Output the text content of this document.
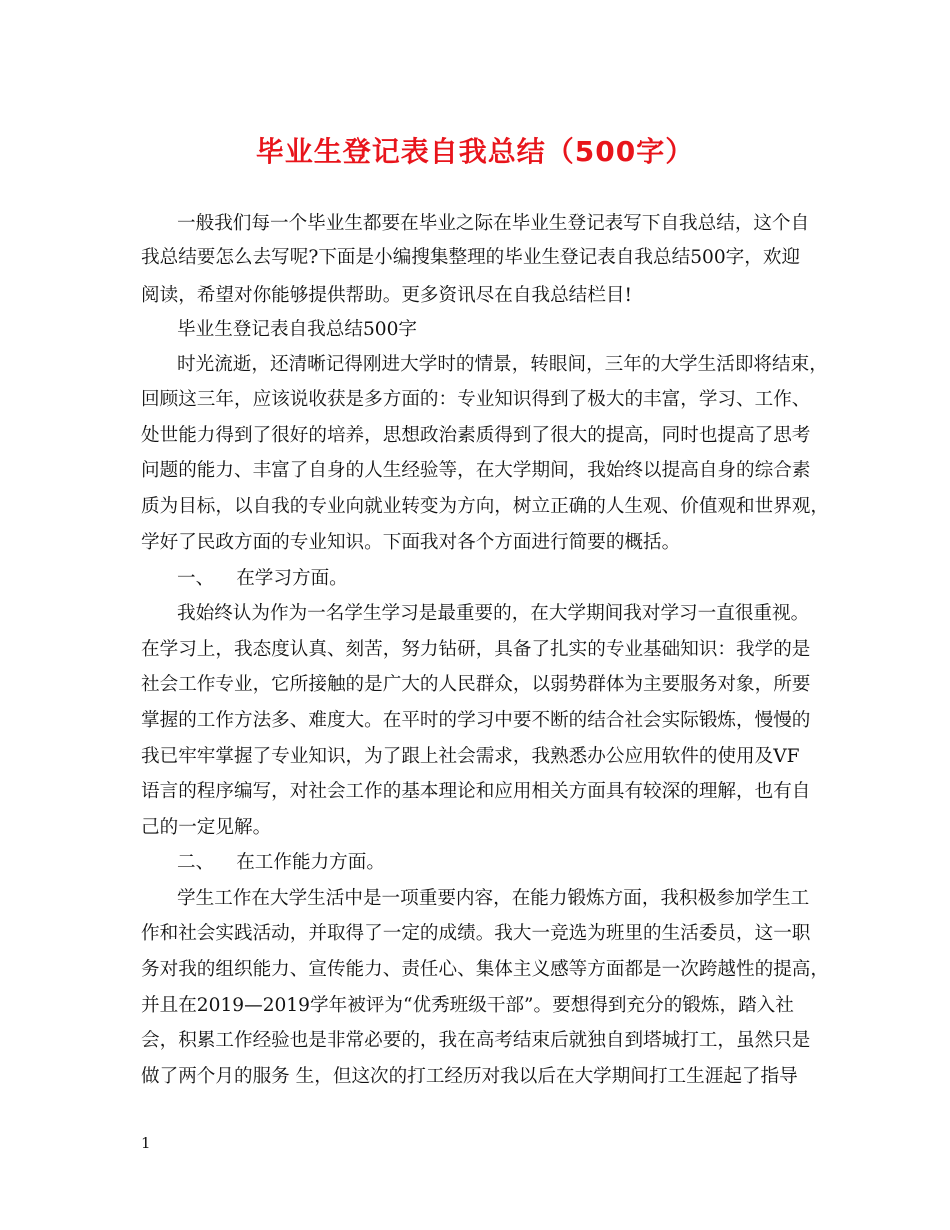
毕业生登记表自我总结（500字）
一般我们每一个毕业生都要在毕业之际在毕业生登记表写下自我总结，这个自
我总结要怎么去写呢?下面是小编搜集整理的毕业生登记表自我总结500字，欢迎
阅读，希望对你能够提供帮助。更多资讯尽在自我总结栏目!
毕业生登记表自我总结500字
时光流逝，还清晰记得刚进大学时的情景，转眼间，三年的大学生活即将结束，
回顾这三年，应该说收获是多方面的：专业知识得到了极大的丰富，学习、工作、
处世能力得到了很好的培养，思想政治素质得到了很大的提高，同时也提高了思考
问题的能力、丰富了自身的人生经验等，在大学期间，我始终以提高自身的综合素
质为目标，以自我的专业向就业转变为方向，树立正确的人生观、价值观和世界观，
学好了民政方面的专业知识。下面我对各个方面进行简要的概括。
一、 在学习方面。
我始终认为作为一名学生学习是最重要的，在大学期间我对学习一直很重视。
在学习上，我态度认真、刻苦，努力钻研，具备了扎实的专业基础知识：我学的是
社会工作专业，它所接触的是广大的人民群众，以弱势群体为主要服务对象，所要
掌握的工作方法多、难度大。在平时的学习中要不断的结合社会实际锻炼，慢慢的
我已牢牢掌握了专业知识，为了跟上社会需求，我熟悉办公应用软件的使用及VF
语言的程序编写，对社会工作的基本理论和应用相关方面具有较深的理解，也有自
己的一定见解。
二、 在工作能力方面。
学生工作在大学生活中是一项重要内容，在能力锻炼方面，我积极参加学生工
作和社会实践活动，并取得了一定的成绩。我大一竞选为班里的生活委员，这一职
务对我的组织能力、宣传能力、责任心、集体主义感等方面都是一次跨越性的提高，
并且在2019—2019学年被评为“优秀班级干部”。要想得到充分的锻炼，踏入社
会，积累工作经验也是非常必要的，我在高考结束后就独自到塔城打工，虽然只是
做了两个月的服务 生，但这次的打工经历对我以后在大学期间打工生涯起了指导
1
